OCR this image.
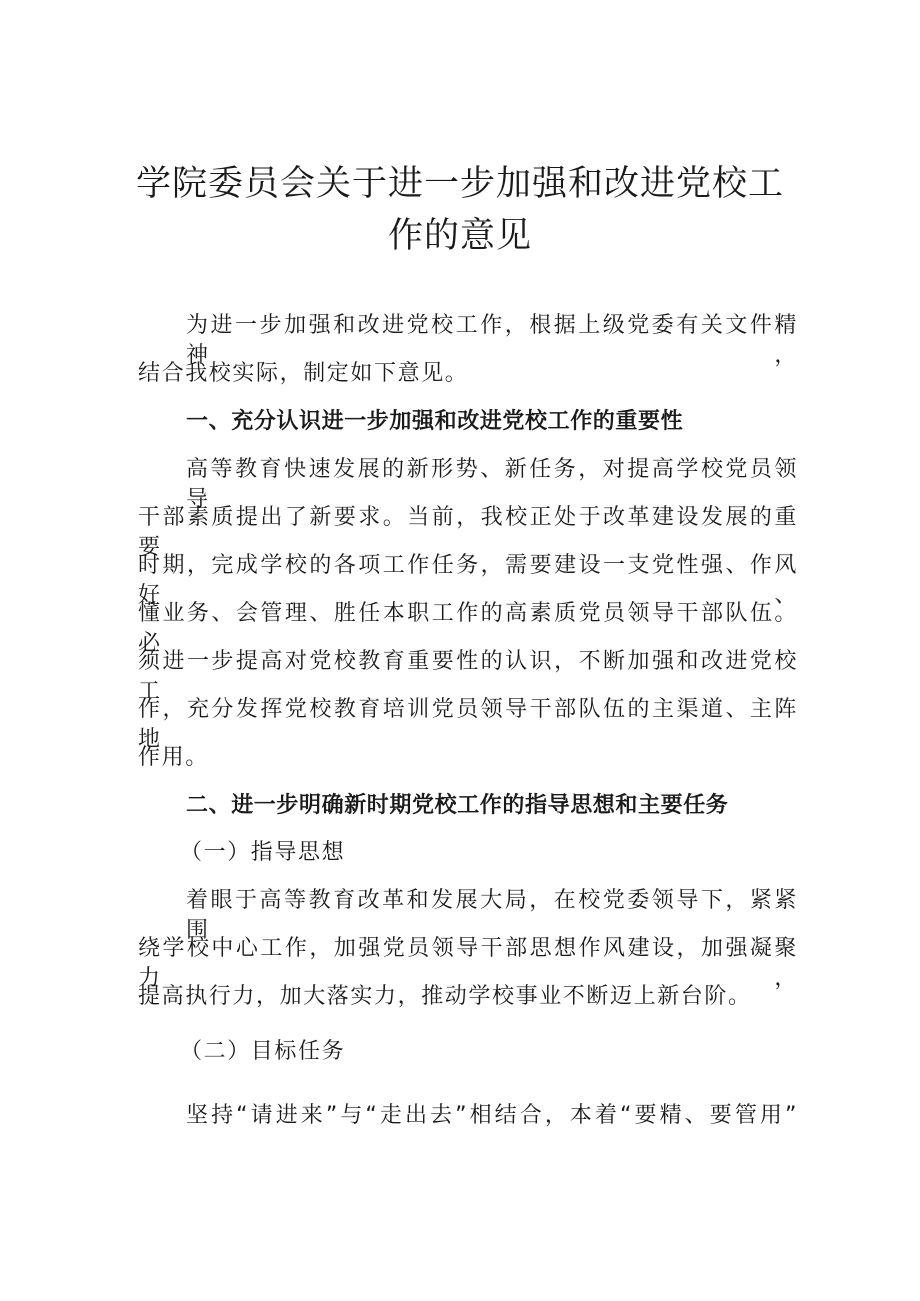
学院委员会关于进一步加强和改进党校工
作的意见
为进一步加强和改进党校工作，根据上级党委有关文件精神，
结合我校实际，制定如下意见。
一、充分认识进一步加强和改进党校工作的重要性
高等教育快速发展的新形势、新任务，对提高学校党员领导
干部素质提出了新要求。当前，我校正处于改革建设发展的重要
时期，完成学校的各项工作任务，需要建设一支党性强、作风好、
懂业务、会管理、胜任本职工作的高素质党员领导干部队伍。必
须进一步提高对党校教育重要性的认识，不断加强和改进党校工
作，充分发挥党校教育培训党员领导干部队伍的主渠道、主阵地
作用。
二、进一步明确新时期党校工作的指导思想和主要任务
（一）指导思想
着眼于高等教育改革和发展大局，在校党委领导下，紧紧围
绕学校中心工作，加强党员领导干部思想作风建设，加强凝聚力，
提高执行力，加大落实力，推动学校事业不断迈上新台阶。
（二）目标任务
坚持“请进来”与“走出去”相结合，本着“要精、要管用”
